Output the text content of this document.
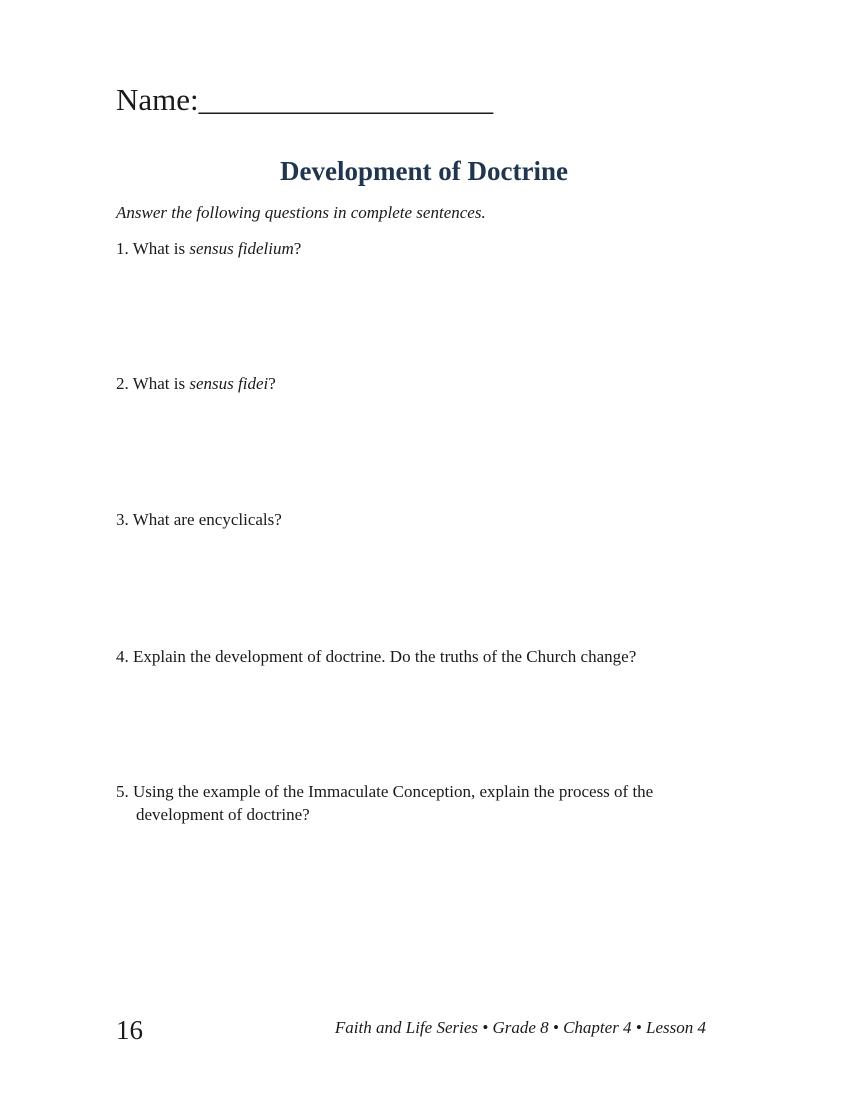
Name:___________________
Development of Doctrine
Answer the following questions in complete sentences.
1. What is sensus fidelium?
2. What is sensus fidei?
3. What are encyclicals?
4. Explain the development of doctrine. Do the truths of the Church change?
5. Using the example of the Immaculate Conception, explain the process of the
development of doctrine?
16	Faith and Life Series • Grade 8 • Chapter 4 • Lesson 4
